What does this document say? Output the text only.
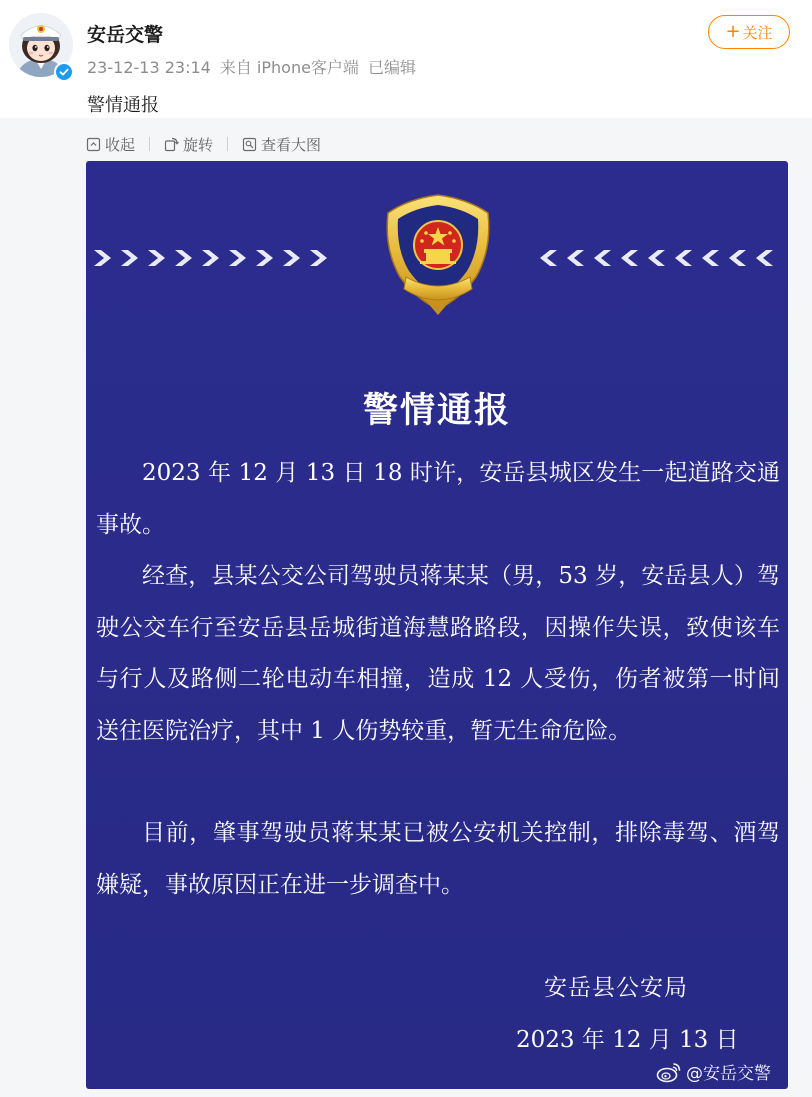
安岳交警
23-12-13 23:14 来自 iPhone客户端 已编辑
+ 关注
警情通报
收起	旋转	查看大图
警情通报

2023 年 12 月 13 日 18 时许，安岳县城区发生一起道路交通事故。

经查，县某公交公司驾驶员蒋某某（男，53 岁，安岳县人）驾驶公交车行至安岳县岳城街道海慧路路段，因操作失误，致使该车与行人及路侧二轮电动车相撞，造成 12 人受伤，伤者被第一时间送往医院治疗，其中 1 人伤势较重，暂无生命危险。

目前，肇事驾驶员蒋某某已被公安机关控制，排除毒驾、酒驾嫌疑，事故原因正在进一步调查中。

安岳县公安局
2023 年 12 月 13 日
@安岳交警
